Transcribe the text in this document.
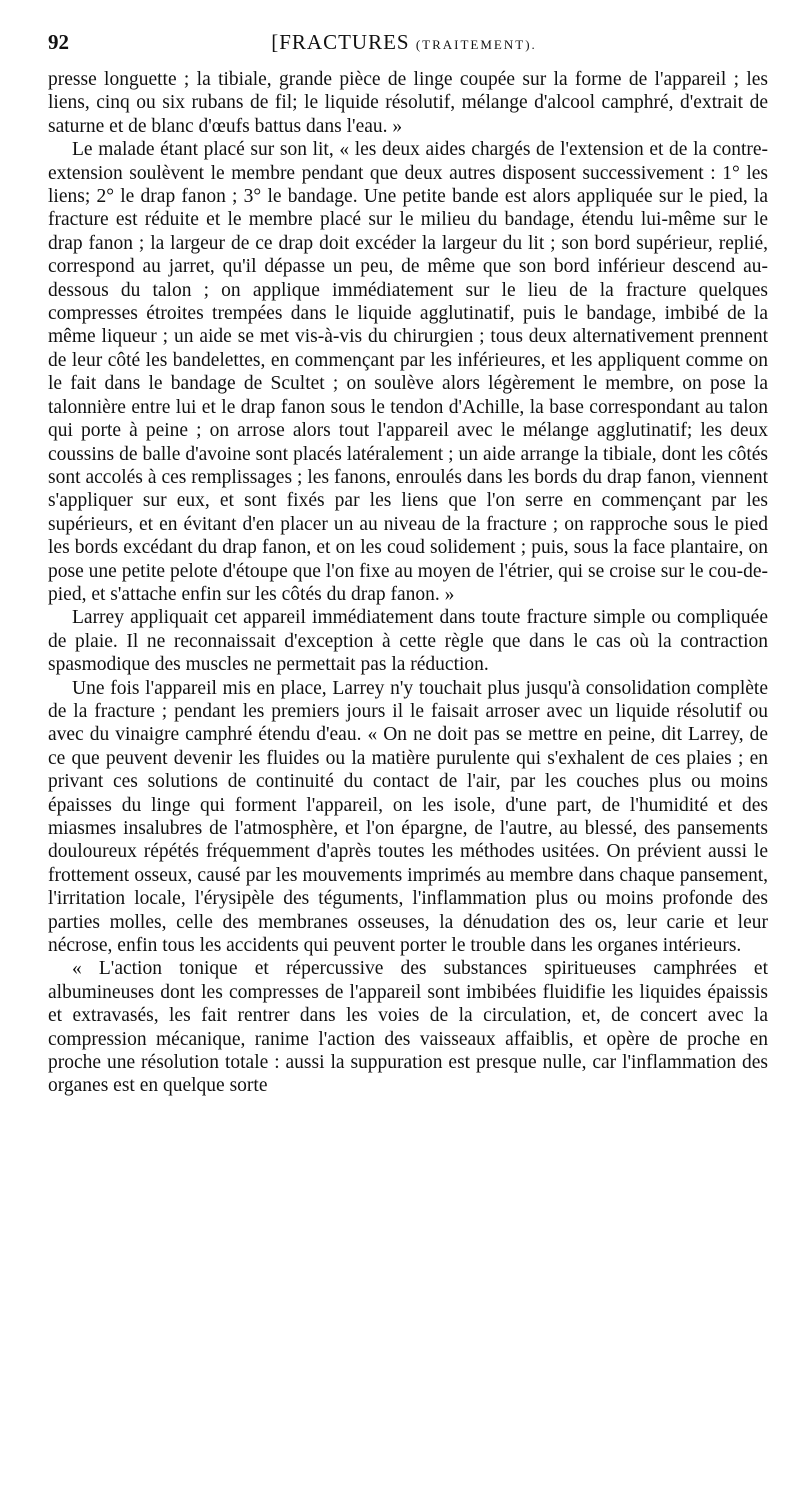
92	[FRACTURES (TRAITEMENT).

presse longuette ; la tibiale, grande pièce de linge coupée sur la forme de l'appareil ; les liens, cinq ou six rubans de fil; le liquide résolutif, mélange d'alcool camphré, d'extrait de saturne et de blanc d'œufs battus dans l'eau. »

Le malade étant placé sur son lit, « les deux aides chargés de l'extension et de la contre-extension soulèvent le membre pendant que deux autres disposent successivement : 1° les liens; 2° le drap fanon ; 3° le bandage. Une petite bande est alors appliquée sur le pied, la fracture est réduite et le membre placé sur le milieu du bandage, étendu lui-même sur le drap fanon ; la largeur de ce drap doit excéder la largeur du lit ; son bord supérieur, replié, correspond au jarret, qu'il dépasse un peu, de même que son bord inférieur descend au-dessous du talon ; on applique immédiatement sur le lieu de la fracture quelques compresses étroites trempées dans le liquide agglutinatif, puis le bandage, imbibé de la même liqueur ; un aide se met vis-à-vis du chirurgien ; tous deux alternativement prennent de leur côté les bandelettes, en commençant par les inférieures, et les appliquent comme on le fait dans le bandage de Scultet ; on soulève alors légèrement le membre, on pose la talonnière entre lui et le drap fanon sous le tendon d'Achille, la base correspondant au talon qui porte à peine ; on arrose alors tout l'appareil avec le mélange agglutinatif; les deux coussins de balle d'avoine sont placés latéralement ; un aide arrange la tibiale, dont les côtés sont accolés à ces remplissages ; les fanons, enroulés dans les bords du drap fanon, viennent s'appliquer sur eux, et sont fixés par les liens que l'on serre en commençant par les supérieurs, et en évitant d'en placer un au niveau de la fracture ; on rapproche sous le pied les bords excédant du drap fanon, et on les coud solidement ; puis, sous la face plantaire, on pose une petite pelote d'étoupe que l'on fixe au moyen de l'étrier, qui se croise sur le cou-de-pied, et s'attache enfin sur les côtés du drap fanon. »

Larrey appliquait cet appareil immédiatement dans toute fracture simple ou compliquée de plaie. Il ne reconnaissait d'exception à cette règle que dans le cas où la contraction spasmodique des muscles ne permettait pas la réduction.

Une fois l'appareil mis en place, Larrey n'y touchait plus jusqu'à consolidation complète de la fracture ; pendant les premiers jours il le faisait arroser avec un liquide résolutif ou avec du vinaigre camphré étendu d'eau. « On ne doit pas se mettre en peine, dit Larrey, de ce que peuvent devenir les fluides ou la matière purulente qui s'exhalent de ces plaies ; en privant ces solutions de continuité du contact de l'air, par les couches plus ou moins épaisses du linge qui forment l'appareil, on les isole, d'une part, de l'humidité et des miasmes insalubres de l'atmosphère, et l'on épargne, de l'autre, au blessé, des pansements douloureux répétés fréquemment d'après toutes les méthodes usitées. On prévient aussi le frottement osseux, causé par les mouvements imprimés au membre dans chaque pansement, l'irritation locale, l'érysipèle des téguments, l'inflammation plus ou moins profonde des parties molles, celle des membranes osseuses, la dénudation des os, leur carie et leur nécrose, enfin tous les accidents qui peuvent porter le trouble dans les organes intérieurs.

« L'action tonique et répercussive des substances spiritueuses camphrées et albumineuses dont les compresses de l'appareil sont imbibées fluidifie les liquides épaissis et extravasés, les fait rentrer dans les voies de la circulation, et, de concert avec la compression mécanique, ranime l'action des vaisseaux affaiblis, et opère de proche en proche une résolution totale : aussi la suppuration est presque nulle, car l'inflammation des organes est en quelque sorte
